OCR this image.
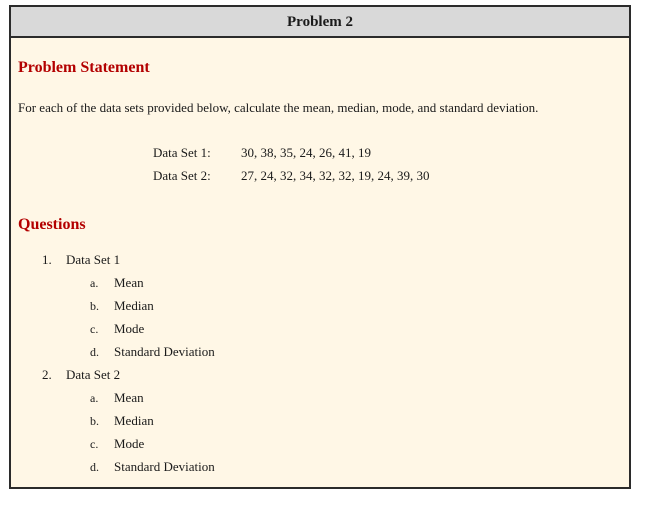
Problem 2
Problem Statement
For each of the data sets provided below, calculate the mean, median, mode, and standard deviation.
Data Set 1:	30, 38, 35, 24, 26, 41, 19
Data Set 2:	27, 24, 32, 34, 32, 32, 19, 24, 39, 30
Questions
1. Data Set 1
a. Mean
b. Median
c. Mode
d. Standard Deviation
2. Data Set 2
a. Mean
b. Median
c. Mode
d. Standard Deviation
